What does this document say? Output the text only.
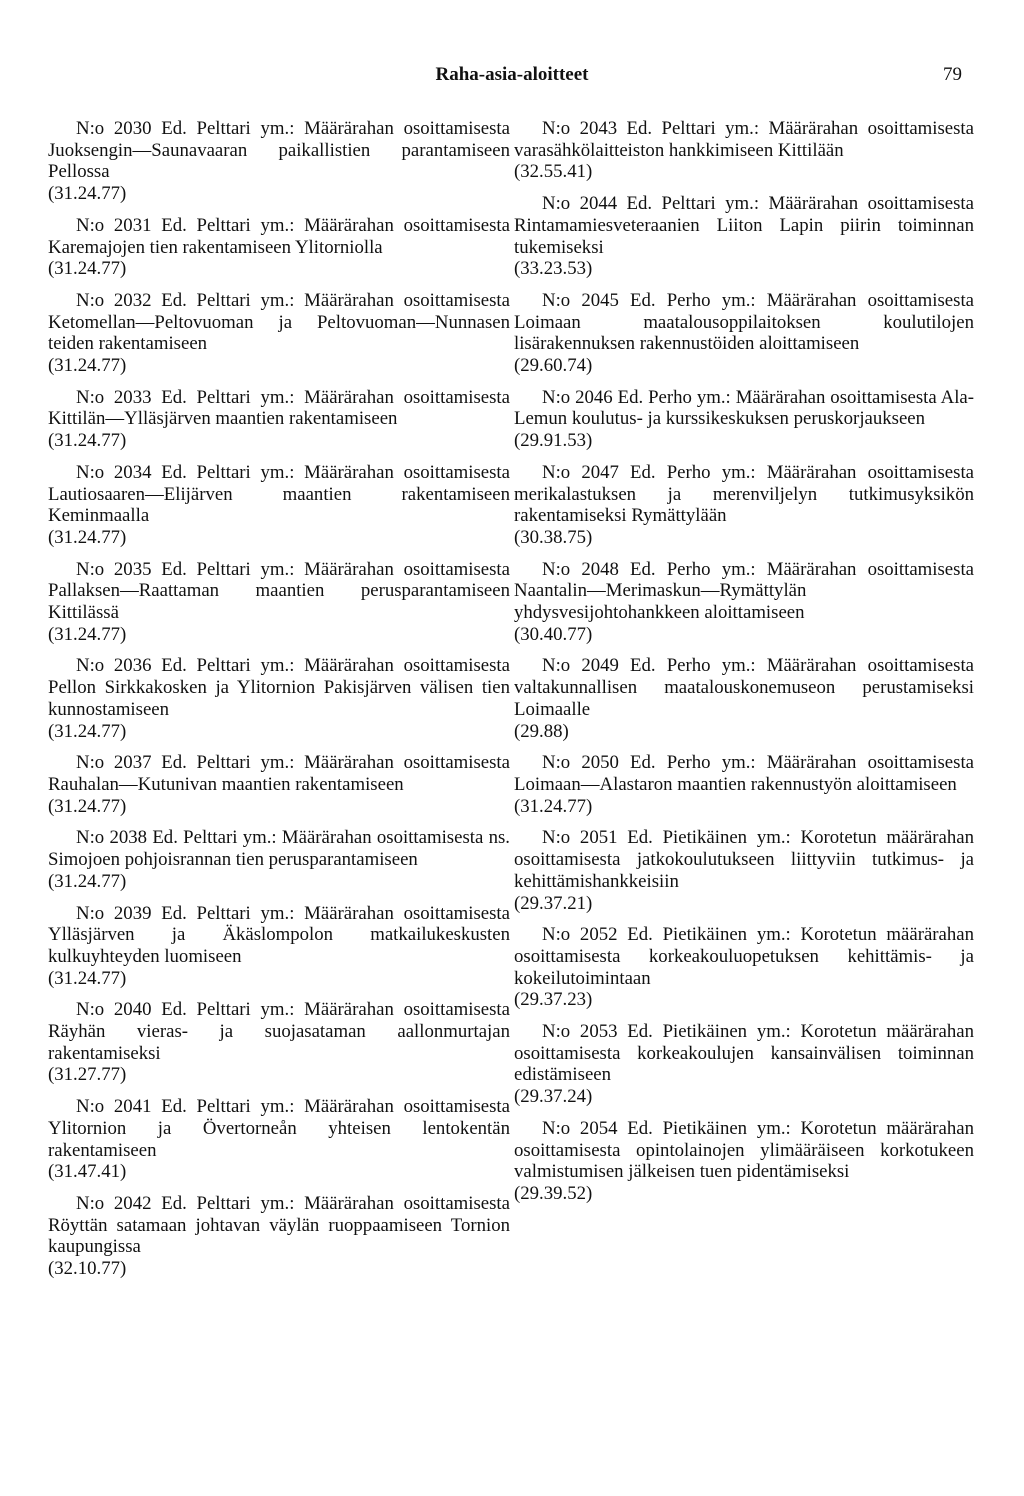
Raha-asia-aloitteet	79

N:o 2030 Ed. Pelttari ym.: Määrärahan osoittamisesta Juoksengin—Saunavaaran paikallistien parantamiseen Pellossa

(31.24.77)

N:o 2031 Ed. Pelttari ym.: Määrärahan osoittamisesta Karemajojen tien rakentamiseen Ylitorniolla

(31.24.77)

N:o 2032 Ed. Pelttari ym.: Määrärahan osoittamisesta Ketomellan—Peltovuoman ja Peltovuoman—Nunnasen teiden rakentamiseen

(31.24.77)

N:o 2033 Ed. Pelttari ym.: Määrärahan osoittamisesta Kittilän—Ylläsjärven maantien rakentamiseen

(31.24.77)

N:o 2034 Ed. Pelttari ym.: Määrärahan osoittamisesta Lautiosaaren—Elijärven maantien rakentamiseen Keminmaalla

(31.24.77)

N:o 2035 Ed. Pelttari ym.: Määrärahan osoittamisesta Pallaksen—Raattaman maantien perusparantamiseen Kittilässä

(31.24.77)

N:o 2036 Ed. Pelttari ym.: Määrärahan osoittamisesta Pellon Sirkkakosken ja Ylitornion Pakisjärven välisen tien kunnostamiseen

(31.24.77)

N:o 2037 Ed. Pelttari ym.: Määrärahan osoittamisesta Rauhalan—Kutunivan maantien rakentamiseen

(31.24.77)

N:o 2038 Ed. Pelttari ym.: Määrärahan osoittamisesta ns. Simojoen pohjoisrannan tien perusparantamiseen

(31.24.77)

N:o 2039 Ed. Pelttari ym.: Määrärahan osoittamisesta Ylläsjärven ja Äkäslompolon matkailukeskusten kulkuyhteyden luomiseen

(31.24.77)

N:o 2040 Ed. Pelttari ym.: Määrärahan osoittamisesta Räyhän vieras- ja suojasataman aallonmurtajan rakentamiseksi

(31.27.77)

N:o 2041 Ed. Pelttari ym.: Määrärahan osoittamisesta Ylitornion ja Övertorneån yhteisen lentokentän rakentamiseen

(31.47.41)

N:o 2042 Ed. Pelttari ym.: Määrärahan osoittamisesta Röyttän satamaan johtavan väylän ruoppaamiseen Tornion kaupungissa

(32.10.77)

N:o 2043 Ed. Pelttari ym.: Määrärahan osoittamisesta varasähkölaitteiston hankkimiseen Kittilään

(32.55.41)

N:o 2044 Ed. Pelttari ym.: Määrärahan osoittamisesta Rintamamiesveteraanien Liiton Lapin piirin toiminnan tukemiseksi

(33.23.53)

N:o 2045 Ed. Perho ym.: Määrärahan osoittamisesta Loimaan maatalousoppilaitoksen koulutilojen lisärakennuksen rakennustöiden aloittamiseen

(29.60.74)

N:o 2046 Ed. Perho ym.: Määrärahan osoittamisesta Ala-Lemun koulutus- ja kurssikeskuksen peruskorjaukseen

(29.91.53)

N:o 2047 Ed. Perho ym.: Määrärahan osoittamisesta merikalastuksen ja merenviljelyn tutkimusyksikön rakentamiseksi Rymättylään

(30.38.75)

N:o 2048 Ed. Perho ym.: Määrärahan osoittamisesta Naantalin—Merimaskun—Rymättylän yhdysvesijohtohankkeen aloittamiseen

(30.40.77)

N:o 2049 Ed. Perho ym.: Määrärahan osoittamisesta valtakunnallisen maatalouskonemuseon perustamiseksi Loimaalle

(29.88)

N:o 2050 Ed. Perho ym.: Määrärahan osoittamisesta Loimaan—Alastaron maantien rakennustyön aloittamiseen

(31.24.77)

N:o 2051 Ed. Pietikäinen ym.: Korotetun määrärahan osoittamisesta jatkokoulutukseen liittyviin tutkimus- ja kehittämishankkeisiin

(29.37.21)

N:o 2052 Ed. Pietikäinen ym.: Korotetun määrärahan osoittamisesta korkeakouluopetuksen kehittämis- ja kokeilutoimintaan

(29.37.23)

N:o 2053 Ed. Pietikäinen ym.: Korotetun määrärahan osoittamisesta korkeakoulujen kansainvälisen toiminnan edistämiseen

(29.37.24)

N:o 2054 Ed. Pietikäinen ym.: Korotetun määrärahan osoittamisesta opintolainojen ylimääräiseen korkotukeen valmistumisen jälkeisen tuen pidentämiseksi

(29.39.52)
